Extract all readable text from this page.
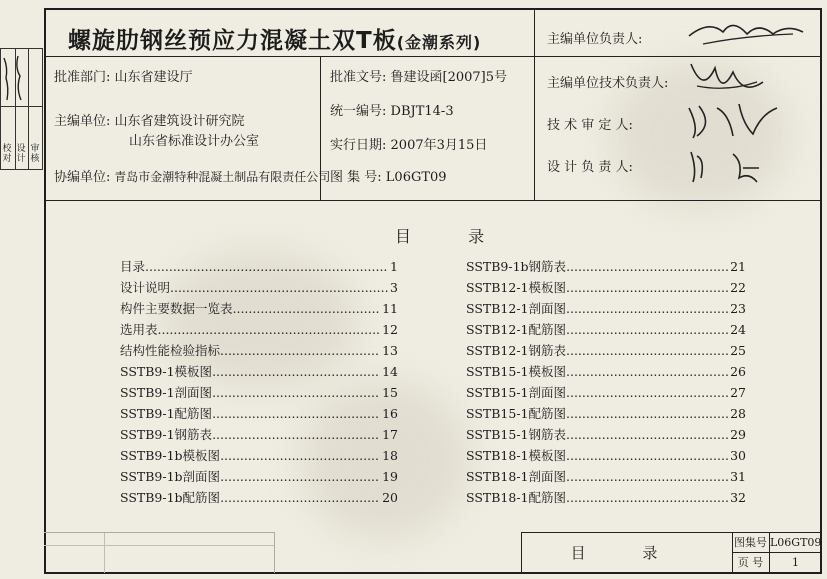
校
对
设
计
审
核
螺旋肋钢丝预应力混凝土双T板(金潮系列)
批准部门: 山东省建设厅	批准文号: 鲁建设函[2007]5号
主编单位: 山东省建筑设计研究院
山东省标准设计办公室
统一编号: DBJT14-3
实行日期: 2007年3月15日
协编单位: 青岛市金潮特种混凝土制品有限责任公司 图 集 号: L06GT09
主编单位负责人:
主编单位技术负责人:
技 术 审 定 人:
设 计 负 责 人:
目 录
目录 .....	1
设计说明 .....	3
构件主要数据一览表 .....	11
选用表 .....	12
结构性能检验指标 .....	13
SSTB9-1模板图 .....	14
SSTB9-1剖面图 .....	15
SSTB9-1配筋图 .....	16
SSTB9-1钢筋表 .....	17
SSTB9-1b模板图 .....	18
SSTB9-1b剖面图 .....	19
SSTB9-1b配筋图 .....	20
SSTB9-1b钢筋表 .....	21
SSTB12-1模板图 .....	22
SSTB12-1剖面图 .....	23
SSTB12-1配筋图 .....	24
SSTB12-1钢筋表 .....	25
SSTB15-1模板图 .....	26
SSTB15-1剖面图 .....	27
SSTB15-1配筋图 .....	28
SSTB15-1钢筋表 .....	29
SSTB18-1模板图 .....	30
SSTB18-1剖面图 .....	31
SSTB18-1配筋图 .....	32
目 录
图集号 L06GT09
页 号	1
